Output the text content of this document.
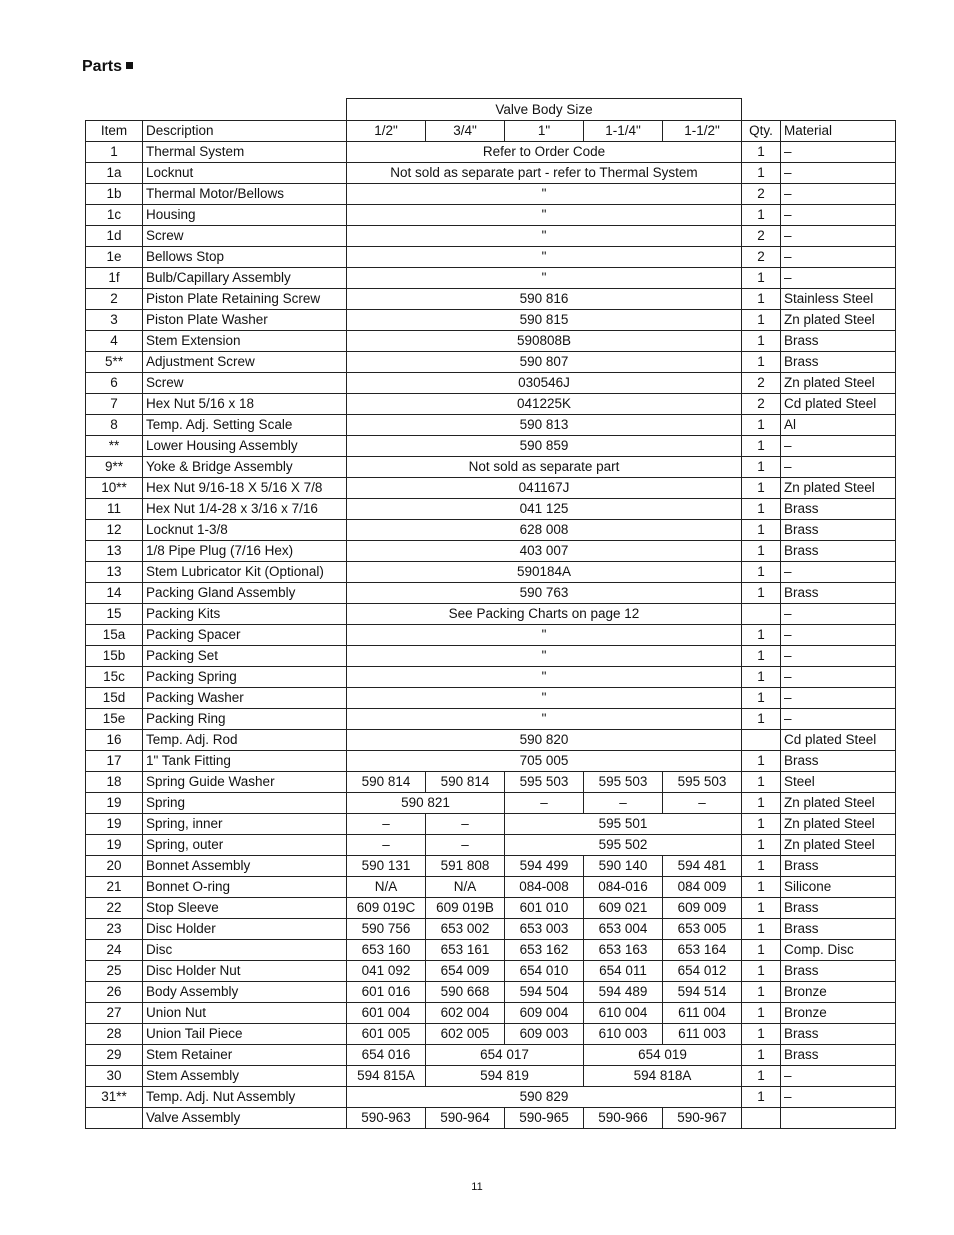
Parts
		Valve Body Size						
Item	Description	1/2"	3/4"	1"	1-1/4"	1-1/2"	Qty.	Material
1	Thermal System	Refer to Order Code					1	–
1a	Locknut	Not sold as separate part - refer to Thermal System					1	–
1b	Thermal Motor/Bellows	"					2	–
1c	Housing	"					1	–
1d	Screw	"					2	–
1e	Bellows Stop	"					2	–
1f	Bulb/Capillary Assembly	"					1	–
2	Piston Plate Retaining Screw	590 816					1	Stainless Steel
3	Piston Plate Washer	590 815					1	Zn plated Steel
4	Stem Extension	590808B					1	Brass
5**	Adjustment Screw	590 807					1	Brass
6	Screw	030546J					2	Zn plated Steel
7	Hex Nut 5/16 x 18	041225K					2	Cd plated Steel
8	Temp. Adj. Setting Scale	590 813					1	Al
**	Lower Housing Assembly	590 859					1	–
9**	Yoke & Bridge Assembly	Not sold as separate part					1	–
10**	Hex Nut 9/16-18 X 5/16 X 7/8	041167J					1	Zn plated Steel
11	Hex Nut 1/4-28 x 3/16 x 7/16	041 125					1	Brass
12	Locknut 1-3/8	628 008					1	Brass
13	1/8 Pipe Plug (7/16 Hex)	403 007					1	Brass
13	Stem Lubricator Kit (Optional)	590184A					1	–
14	Packing Gland Assembly	590 763					1	Brass
15	Packing Kits	See Packing Charts on page 12						–
15a	Packing Spacer	"					1	–
15b	Packing Set	"					1	–
15c	Packing Spring	"					1	–
15d	Packing Washer	"					1	–
15e	Packing Ring	"					1	–
16	Temp. Adj. Rod	590 820						Cd plated Steel
17	1" Tank Fitting	705 005					1	Brass
18	Spring Guide Washer	590 814	590 814	595 503	595 503	595 503	1	Steel
19	Spring	590 821		–	–	–	1	Zn plated Steel
19	Spring, inner	–	–	595 501			1	Zn plated Steel
19	Spring, outer	–	–	595 502			1	Zn plated Steel
20	Bonnet Assembly	590 131	591 808	594 499	590 140	594 481	1	Brass
21	Bonnet O-ring	N/A	N/A	084-008	084-016	084 009	1	Silicone
22	Stop Sleeve	609 019C	609 019B	601 010	609 021	609 009	1	Brass
23	Disc Holder	590 756	653 002	653 003	653 004	653 005	1	Brass
24	Disc	653 160	653 161	653 162	653 163	653 164	1	Comp. Disc
25	Disc Holder Nut	041 092	654 009	654 010	654 011	654 012	1	Brass
26	Body Assembly	601 016	590 668	594 504	594 489	594 514	1	Bronze
27	Union Nut	601 004	602 004	609 004	610 004	611 004	1	Bronze
28	Union Tail Piece	601 005	602 005	609 003	610 003	611 003	1	Brass
29	Stem Retainer	654 016	654 017		654 019		1	Brass
30	Stem Assembly	594 815A	594 819		594 818A		1	–
31**	Temp. Adj. Nut Assembly	590 829					1	–
	Valve Assembly	590-963	590-964	590-965	590-966	590-967		
11
